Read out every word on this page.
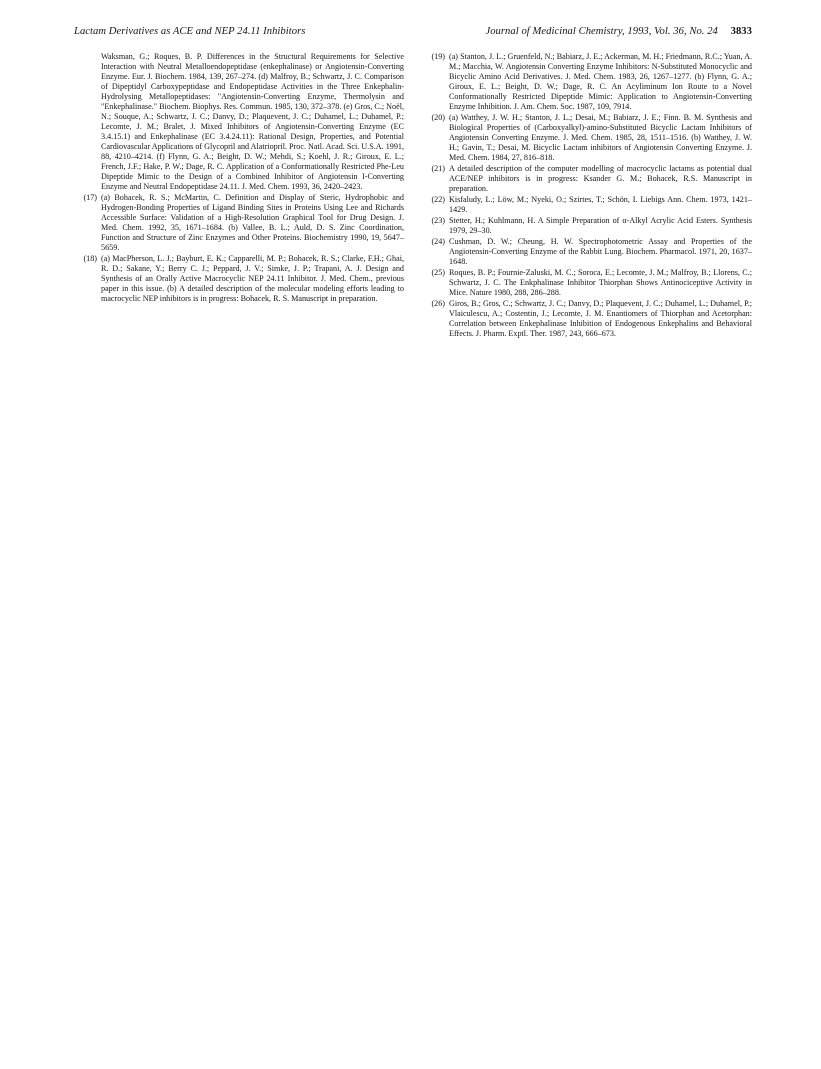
Lactam Derivatives as ACE and NEP 24.11 Inhibitors	Journal of Medicinal Chemistry, 1993, Vol. 36, No. 24 3833
Waksman, G.; Roques, B. P. Differences in the Structural Requirements for Selective Interaction with Neutral Metalloendopeptidase (enkephalinase) or Angiotensin-Converting Enzyme. Eur. J. Biochem. 1984, 139, 267–274. (d) Malfroy, B.; Schwartz, J. C. Comparison of Dipeptidyl Carboxypeptidase and Endopeptidase Activities in the Three Enkephalin-Hydrolysing Metallopeptidases: "Angiotensin-Converting Enzyme, Thermolysin and "Enkephalinase." Biochem. Biophys. Res. Commun. 1985, 130, 372–378. (e) Gros, C.; Noël, N.; Souque, A.; Schwartz, J. C.; Danvy, D.; Plaquevent, J. C.; Duhamel, L.; Duhamel, P.; Lecomte, J. M.; Bralet, J. Mixed Inhibitors of Angiotensin-Converting Enzyme (EC 3.4.15.1) and Enkephalinase (EC 3.4.24.11): Rational Design, Properties, and Potential Cardiovascular Applications of Glycopril and Alatriopril. Proc. Natl. Acad. Sci. U.S.A. 1991, 88, 4210–4214. (f) Flynn, G. A.; Beight, D. W.; Mehdi, S.; Koehl, J. R.; Giroux, E. L.; French, J.F.; Hake, P. W.; Dage, R. C. Application of a Conformationally Restricted Phe-Leu Dipeptide Mimic to the Design of a Combined Inhibitor of Angiotensin I-Converting Enzyme and Neutral Endopeptidase 24.11. J. Med. Chem. 1993, 36, 2420–2423.
(17) (a) Bohacek, R. S.; McMartin, C. Definition and Display of Steric, Hydrophobic and Hydrogen-Bonding Properties of Ligand Binding Sites in Proteins Using Lee and Richards Accessible Surface: Validation of a High-Resolution Graphical Tool for Drug Design. J. Med. Chem. 1992, 35, 1671–1684. (b) Vallee, B. L.; Auld, D. S. Zinc Coordination, Function and Structure of Zinc Enzymes and Other Proteins. Biochemistry 1990, 19, 5647–5659.
(18) (a) MacPherson, L. J.; Bayburt, E. K.; Capparelli, M. P.; Bohacek, R. S.; Clarke, F.H.; Ghai, R. D.; Sakane, Y.; Berry C. J.; Peppard, J. V.; Simke, J. P.; Trapani, A. J. Design and Synthesis of an Orally Active Macrocyclic NEP 24.11 Inhibitor. J. Med. Chem., previous paper in this issue. (b) A detailed description of the molecular modeling efforts leading to macrocyclic NEP inhibitors is in progress: Bohacek, R. S. Manuscript in preparation.
(19) (a) Stanton, J. L.; Gruenfeld, N.; Babiarz, J. E.; Ackerman, M. H.; Friedmann, R.C.; Yuan, A. M.; Macchia, W. Angiotensin Converting Enzyme Inhibitors: N-Substituted Monocyclic and Bicyclic Amino Acid Derivatives. J. Med. Chem. 1983, 26, 1267–1277. (b) Flynn, G. A.; Giroux, E. L.; Beight, D. W.; Dage, R. C. An Acyliminum Ion Route to a Novel Conformationally Restricted Dipeptide Mimic: Application to Angiotensin-Converting Enzyme Inhibition. J. Am. Chem. Soc. 1987, 109, 7914.
(20) (a) Watthey, J. W. H.; Stanton, J. L.; Desai, M.; Babiarz, J. E.; Finn. B. M. Synthesis and Biological Properties of (Carboxyalkyl)-amino-Substituted Bicyclic Lactam Inhibitors of Angiotensin Converting Enzyme. J. Med. Chem. 1985, 28, 1511–1516. (b) Watthey, J. W. H.; Gavin, T.; Desai, M. Bicyclic Lactam inhibitors of Angiotensin Converting Enzyme. J. Med. Chem. 1984, 27, 816–818.
(21) A detailed description of the computer modelling of macrocyclic lactams as potential dual ACE/NEP inhibitors is in progress: Ksander G. M.; Bohacek, R.S. Manuscript in preparation.
(22) Kisfaludy, L.; Löw, M.; Nyeki, O.; Szirtes, T.; Schön, I. Liebigs Ann. Chem. 1973, 1421–1429.
(23) Stetter, H.; Kuhlmann, H. A Simple Preparation of α-Alkyl Acrylic Acid Esters. Synthesis 1979, 29–30.
(24) Cushman, D. W.; Cheung, H. W. Spectrophotometric Assay and Properties of the Angiotensin-Converting Enzyme of the Rabbit Lung. Biochem. Pharmacol. 1971, 20, 1637–1648.
(25) Roques, B. P.; Fournie-Zaluski, M. C.; Soroca, E.; Lecomte, J. M.; Malfroy, B.; Llorens, C.; Schwartz, J. C. The Enkphalinase Inhibitor Thiorphan Shows Antinociceptive Activity in Mice. Nature 1980, 288, 286–288.
(26) Giros, B.; Gros, C.; Schwartz, J. C.; Danvy, D.; Plaquevent, J. C.; Duhamel, L.; Duhamel, P.; Vlaiculescu, A.; Costentin, J.; Lecomte, J. M. Enantiomers of Thiorphan and Acetorphan: Correlation between Enkephalinase Inhibition of Endogenous Enkephalins and Behavioral Effects. J. Pharm. Exptl. Ther. 1987, 243, 666–673.
